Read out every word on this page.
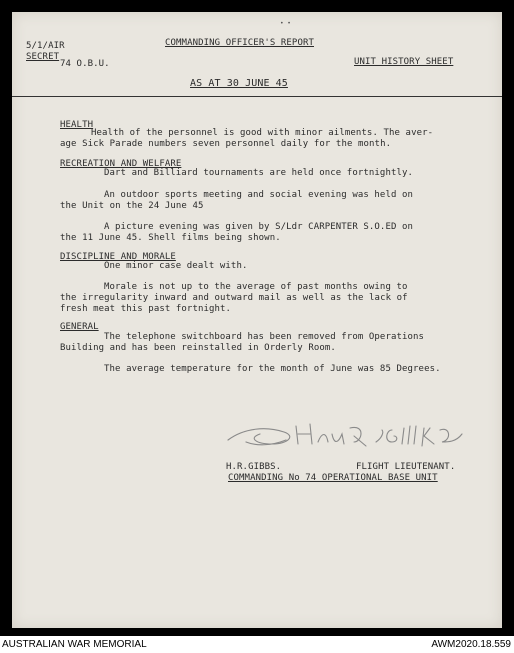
• •
5/1/AIR
SECRET
74 O.B.U.
COMMANDING OFFICER'S REPORT
UNIT HISTORY SHEET
AS AT 30 JUNE 45
HEALTH
Health of the personnel is good with minor ailments. The aver-
age Sick Parade numbers seven personnel daily for the month.
RECREATION AND WELFARE
Dart and Billiard tournaments are held once fortnightly.
An outdoor sports meeting and social evening was held on
the Unit on the 24 June 45
A picture evening was given by S/Ldr CARPENTER S.O.ED on
the 11 June 45. Shell films being shown.
DISCIPLINE AND MORALE
One minor case dealt with.
Morale is not up to the average of past months owing to
the irregularity inward and outward mail as well as the lack of
fresh meat this past fortnight.
GENERAL
The telephone switchboard has been removed from Operations
Building and has been reinstalled in Orderly Room.
The average temperature for the month of June was 85 Degrees.
H.R.GIBBS.	FLIGHT LIEUTENANT.
COMMANDING No 74 OPERATIONAL BASE UNIT
AUSTRALIAN WAR MEMORIAL	AWM2020.18.559
